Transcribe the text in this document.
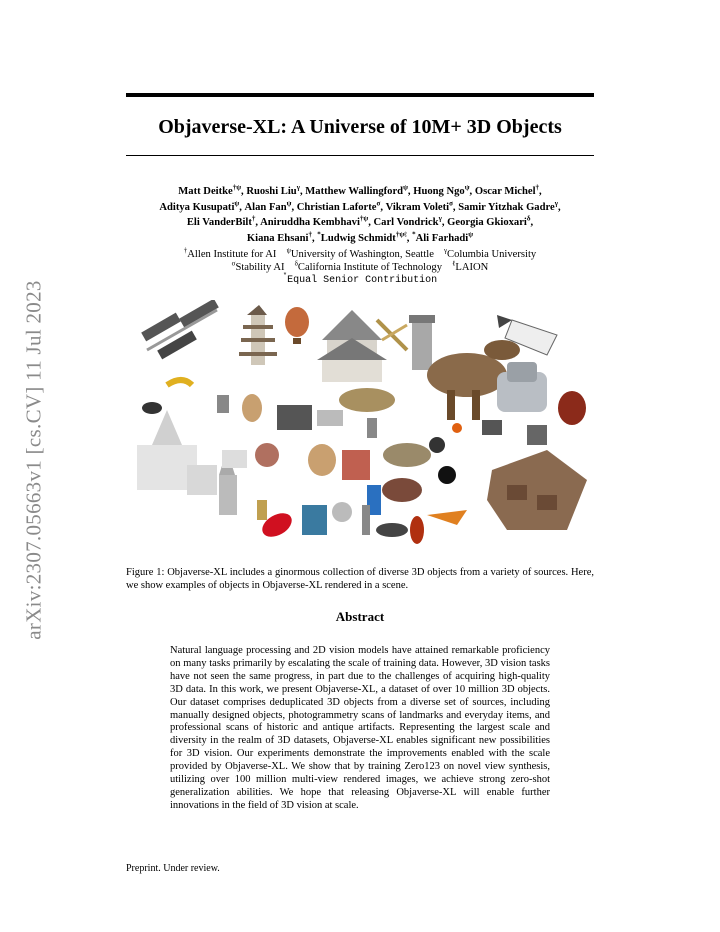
arXiv:2307.05663v1 [cs.CV] 11 Jul 2023
Objaverse-XL: A Universe of 10M+ 3D Objects
Matt Deitke$^{\dagger\psi}$, Ruoshi Liu$^\gamma$, Matthew Wallingford$^\psi$, Huong Ngo$^\psi$, Oscar Michel†,
Aditya Kusupati$^\psi$, Alan Fan$^\psi$, Christian Laforte$^\sigma$, Vikram Voleti$^\sigma$, Samir Yitzhak Gadre$^\gamma$,
Eli VanderBilt†, Aniruddha Kembhavi$^{\dagger\psi}$, Carl Vondrick$^\gamma$, Georgia Gkioxari$^\delta$,
Kiana Ehsani†, *Ludwig Schmidt$^{\dagger\psi\ell}$, *Ali Farhadi$^\psi$
†Allen Institute for AI $^\psi$University of Washington, Seattle $^\gamma$Columbia University
$^\sigma$Stability AI $^\delta$California Institute of Technology $^\ell$LAION
*Equal Senior Contribution
Figure 1: Objaverse-XL includes a ginormous collection of diverse 3D objects from a variety of sources. Here, we show examples of objects in Objaverse-XL rendered in a scene.
Abstract
Natural language processing and 2D vision models have attained remarkable proficiency on many tasks primarily by escalating the scale of training data. However, 3D vision tasks have not seen the same progress, in part due to the challenges of acquiring high-quality 3D data. In this work, we present Objaverse-XL, a dataset of over 10 million 3D objects. Our dataset comprises deduplicated 3D objects from a diverse set of sources, including manually designed objects, photogrammetry scans of landmarks and everyday items, and professional scans of historic and antique artifacts. Representing the largest scale and diversity in the realm of 3D datasets, Objaverse-XL enables significant new possibilities for 3D vision. Our experiments demonstrate the improvements enabled with the scale provided by Objaverse-XL. We show that by training Zero123 on novel view synthesis, utilizing over 100 million multi-view rendered images, we achieve strong zero-shot generalization abilities. We hope that releasing Objaverse-XL will enable further innovations in the field of 3D vision at scale.
Preprint. Under review.
